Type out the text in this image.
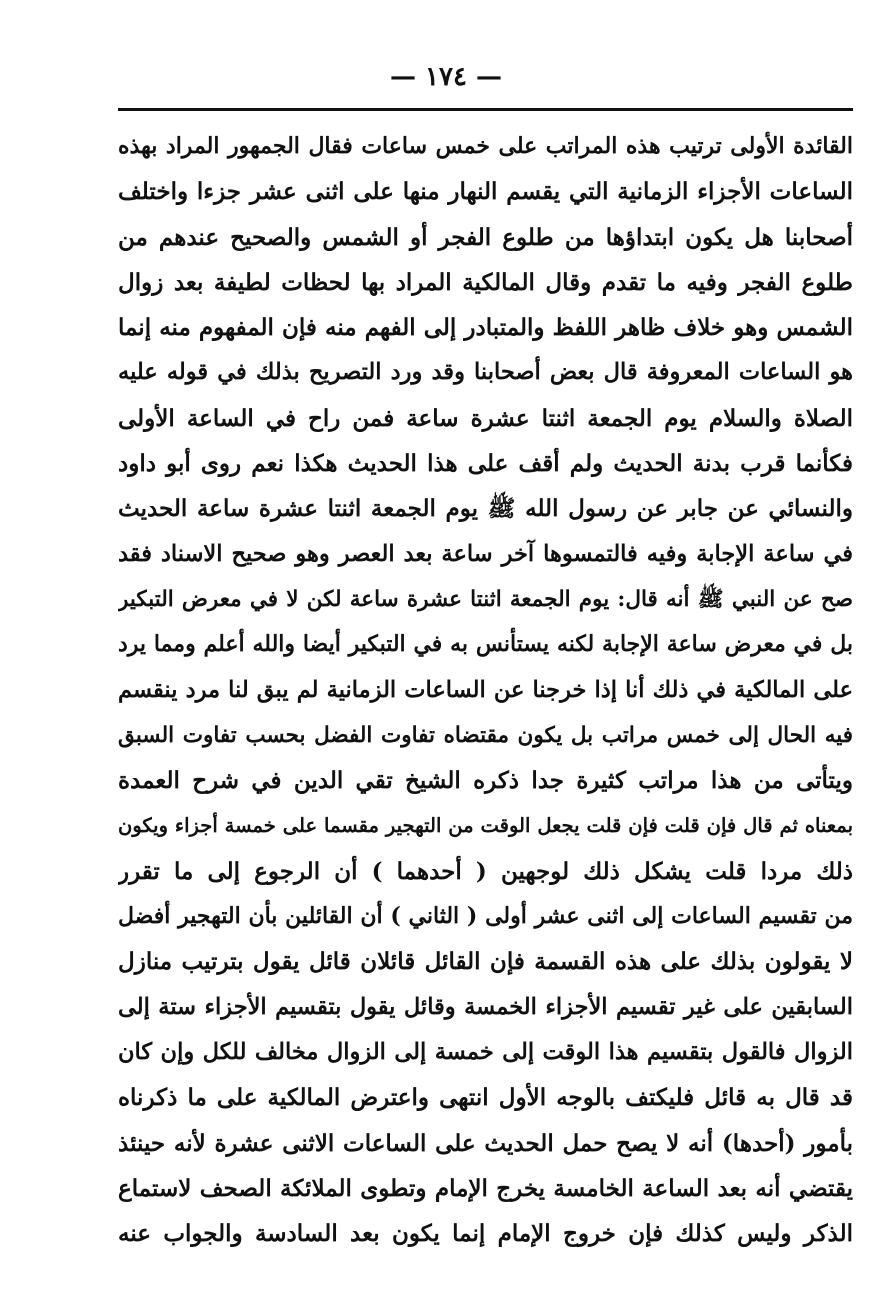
— ١٧٤ —
القائدة الأولى ترتيب هذه المراتب على خمس ساعات فقال الجمهور المراد بهذه
الساعات الأجزاء الزمانية التي يقسم النهار منها على اثنى عشر جزءا واختلف
أصحابنا هل يكون ابتداؤها من طلوع الفجر أو الشمس والصحيح عندهم من
طلوع الفجر وفيه ما تقدم وقال المالكية المراد بها لحظات لطيفة بعد زوال
الشمس وهو خلاف ظاهر اللفظ والمتبادر إلى الفهم منه فإن المفهوم منه إنما
هو الساعات المعروفة قال بعض أصحابنا وقد ورد التصريح بذلك في قوله عليه
الصلاة والسلام يوم الجمعة اثنتا عشرة ساعة فمن راح في الساعة الأولى
فكأنما قرب بدنة الحديث ولم أقف على هذا الحديث هكذا نعم روى أبو داود
والنسائي عن جابر عن رسول الله ﷺ يوم الجمعة اثنتا عشرة ساعة الحديث
في ساعة الإجابة وفيه فالتمسوها آخر ساعة بعد العصر وهو صحيح الاسناد فقد
صح عن النبي ﷺ أنه قال: يوم الجمعة اثنتا عشرة ساعة لكن لا في معرض التبكير
بل في معرض ساعة الإجابة لكنه يستأنس به في التبكير أيضا والله أعلم ومما يرد
على المالكية في ذلك أنا إذا خرجنا عن الساعات الزمانية لم يبق لنا مرد ينقسم
فيه الحال إلى خمس مراتب بل يكون مقتضاه تفاوت الفضل بحسب تفاوت السبق
ويتأتى من هذا مراتب كثيرة جدا ذكره الشيخ تقي الدين في شرح العمدة
بمعناه ثم قال فإن قلت فإن قلت يجعل الوقت من التهجير مقسما على خمسة أجزاء ويكون
ذلك مردا قلت يشكل ذلك لوجهين ( أحدهما ) أن الرجوع إلى ما تقرر
من تقسيم الساعات إلى اثنى عشر أولى ( الثاني ) أن القائلين بأن التهجير أفضل
لا يقولون بذلك على هذه القسمة فإن القائل قائلان قائل يقول بترتيب منازل
السابقين على غير تقسيم الأجزاء الخمسة وقائل يقول بتقسيم الأجزاء ستة إلى
الزوال فالقول بتقسيم هذا الوقت إلى خمسة إلى الزوال مخالف للكل وإن كان
قد قال به قائل فليكتف بالوجه الأول انتهى واعترض المالكية على ما ذكرناه
بأمور (أحدها) أنه لا يصح حمل الحديث على الساعات الاثنى عشرة لأنه حينئذ
يقتضي أنه بعد الساعة الخامسة يخرج الإمام وتطوى الملائكة الصحف لاستماع
الذكر وليس كذلك فإن خروج الإمام إنما يكون بعد السادسة والجواب عنه
